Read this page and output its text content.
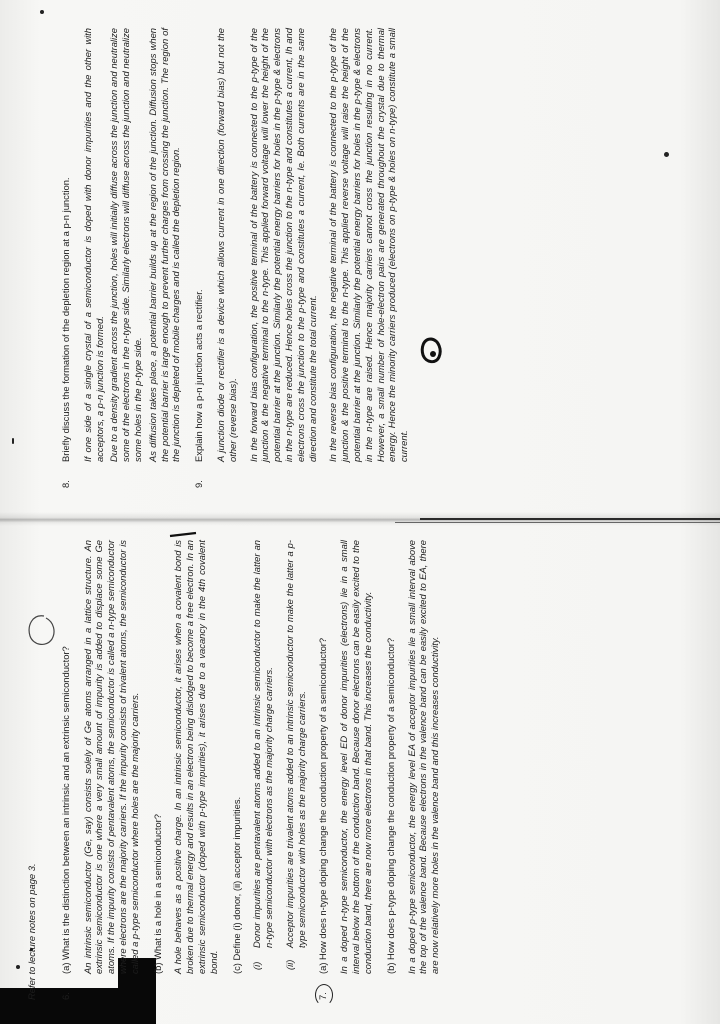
Refer to lecture notes on page 3. 6.
(a) What is the distinction between an intrinsic and an extrinsic semiconductor? An intrinsic semiconductor (Ge, say) consists solely of Ge atoms arranged in a lattice structure. An extrinsic semiconductor is one where a very small amount of impurity is added to displace some Ge atoms. If the impurity consists of pentavalent atoms, the semiconductor is called a n-type semiconductor where electrons are the majority carriers. If the impurity consists of trivalent atoms, the semiconductor is called a p-type semiconductor where holes are the majority carriers. (b) What is a hole in a semiconductor? A hole behaves as a positive charge. In an intrinsic semiconductor, it arises when a covalent bond is broken due to thermal energy and results in an electron being dislodged to become a free electron. In an extrinsic semiconductor (doped with p-type impurities), it arises due to a vacancy in the 4th covalent bond. (c) Define (i) donor, (ii) acceptor impurities. (i)
Donor impurities are pentavalent atoms added to an intrinsic semiconductor to make the latter an n-type semiconductor with electrons as the majority charge carriers.
(ii)
Acceptor impurities are trivalent atoms added to an intrinsic semiconductor to make the latter a p-type semiconductor with holes as the majority charge carriers.
7.
(a) How does n-type doping change the conduction property of a semiconductor? In a doped n-type semiconductor, the energy level ED of donor impurities (electrons) lie in a small interval below the bottom of the conduction band. Because donor electrons can be easily excited to the conduction band, there are now more electrons in that band. This increases the conductivity. (b) How does p-type doping change the conduction property of a semiconductor? In a doped p-type semiconductor, the energy level EA of acceptor impurities lie a small interval above the top of the valence band. Because electrons in the valence band can be easily excited to EA, there are now relatively more holes in the valence band and this increases conductivity.
8.
Briefly discuss the formation of the depletion region at a p-n junction. If one side of a single crystal of a semiconductor is doped with donor impurities and the other with acceptors, a p-n junction is formed. Due to a density gradient across the junction, holes will initially diffuse across the junction and neutralize some of the electrons in the n-type side. Similarly electrons will diffuse across the junction and neutralize some holes in the p-type side. As diffusion takes place, a potential barrier builds up at the region of the junction. Diffusion stops when the potential barrier is large enough to prevent further charges from crossing the junction. The region of the junction is depleted of mobile charges and is called the depletion region.

9.
Explain how a p-n junction acts a rectifier. A junction diode or rectifier is a device which allows current in one direction (forward bias) but not the other (reverse bias). In the forward bias configuration, the positive terminal of the battery is connected to the p-type of the junction & the negative terminal to the n-type. This applied forward voltage will lower the height of the potential barrier at the junction. Similarly the potential energy barriers for holes in the p-type & electrons in the n-type are reduced. Hence holes cross the junction to the n-type and constitutes a current, Ih and electrons cross the junction to the p-type and constitutes a current, Ie. Both currents are in the same direction and constitute the total current. In the reverse bias configuration, the negative terminal of the battery is connected to the p-type of the junction & the positive terminal to the n-type. This applied reverse voltage will raise the height of the potential barrier at the junction. Similarly the potential energy barriers for holes in the p-type & electrons in the n-type are raised. Hence majority carriers cannot cross the junction resulting in no current. However, a small number of hole-electron pairs are generated throughout the crystal due to thermal energy. Hence the minority carriers produced (electrons on p-type & holes on n-type) constitute a small current.
